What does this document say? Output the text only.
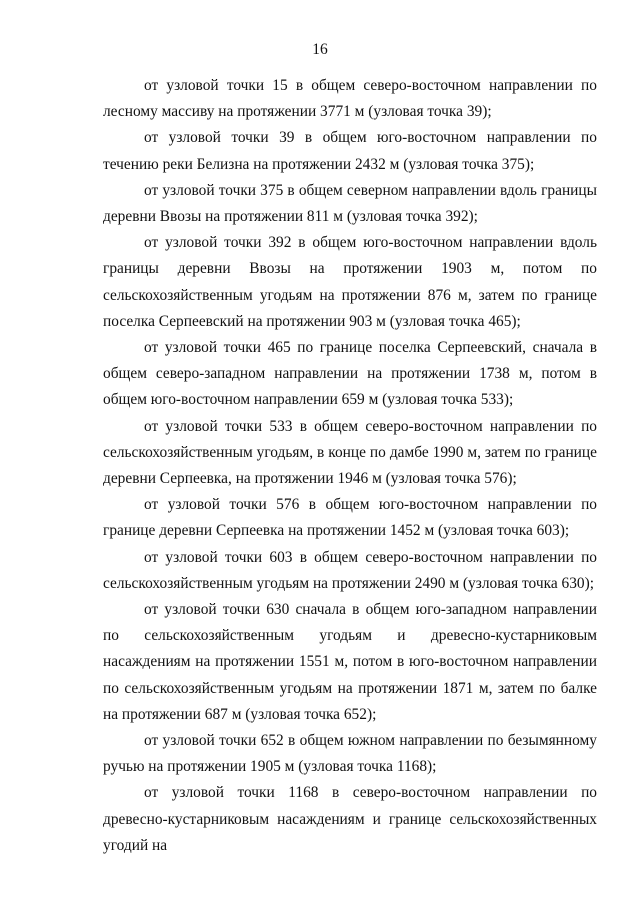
16

от узловой точки 15 в общем северо-восточном направлении по лесному массиву на протяжении 3771 м (узловая точка 39);

от узловой точки 39 в общем юго-восточном направлении по течению реки Белизна на протяжении 2432 м (узловая точка 375);

от узловой точки 375 в общем северном направлении вдоль границы деревни Ввозы на протяжении 811 м (узловая точка 392);

от узловой точки 392 в общем юго-восточном направлении вдоль границы деревни Ввозы на протяжении 1903 м, потом по сельскохозяйственным угодьям на протяжении 876 м, затем по границе поселка Серпеевский на протяжении 903 м (узловая точка 465);

от узловой точки 465 по границе поселка Серпеевский, сначала в общем северо-западном направлении на протяжении 1738 м, потом в общем юго-восточном направлении 659 м (узловая точка 533);

от узловой точки 533 в общем северо-восточном направлении по сельскохозяйственным угодьям, в конце по дамбе 1990 м, затем по границе деревни Серпеевка, на протяжении 1946 м (узловая точка 576);

от узловой точки 576 в общем юго-восточном направлении по границе деревни Серпеевка на протяжении 1452 м (узловая точка 603);

от узловой точки 603 в общем северо-восточном направлении по сельскохозяйственным угодьям на протяжении 2490 м (узловая точка 630);

от узловой точки 630 сначала в общем юго-западном направлении по сельскохозяйственным угодьям и древесно-кустарниковым насаждениям на протяжении 1551 м, потом в юго-восточном направлении по сельскохозяйственным угодьям на протяжении 1871 м, затем по балке на протяжении 687 м (узловая точка 652);

от узловой точки 652 в общем южном направлении по безымянному ручью на протяжении 1905 м (узловая точка 1168);

от узловой точки 1168 в северо-восточном направлении по древесно-кустарниковым насаждениям и границе сельскохозяйственных угодий на
